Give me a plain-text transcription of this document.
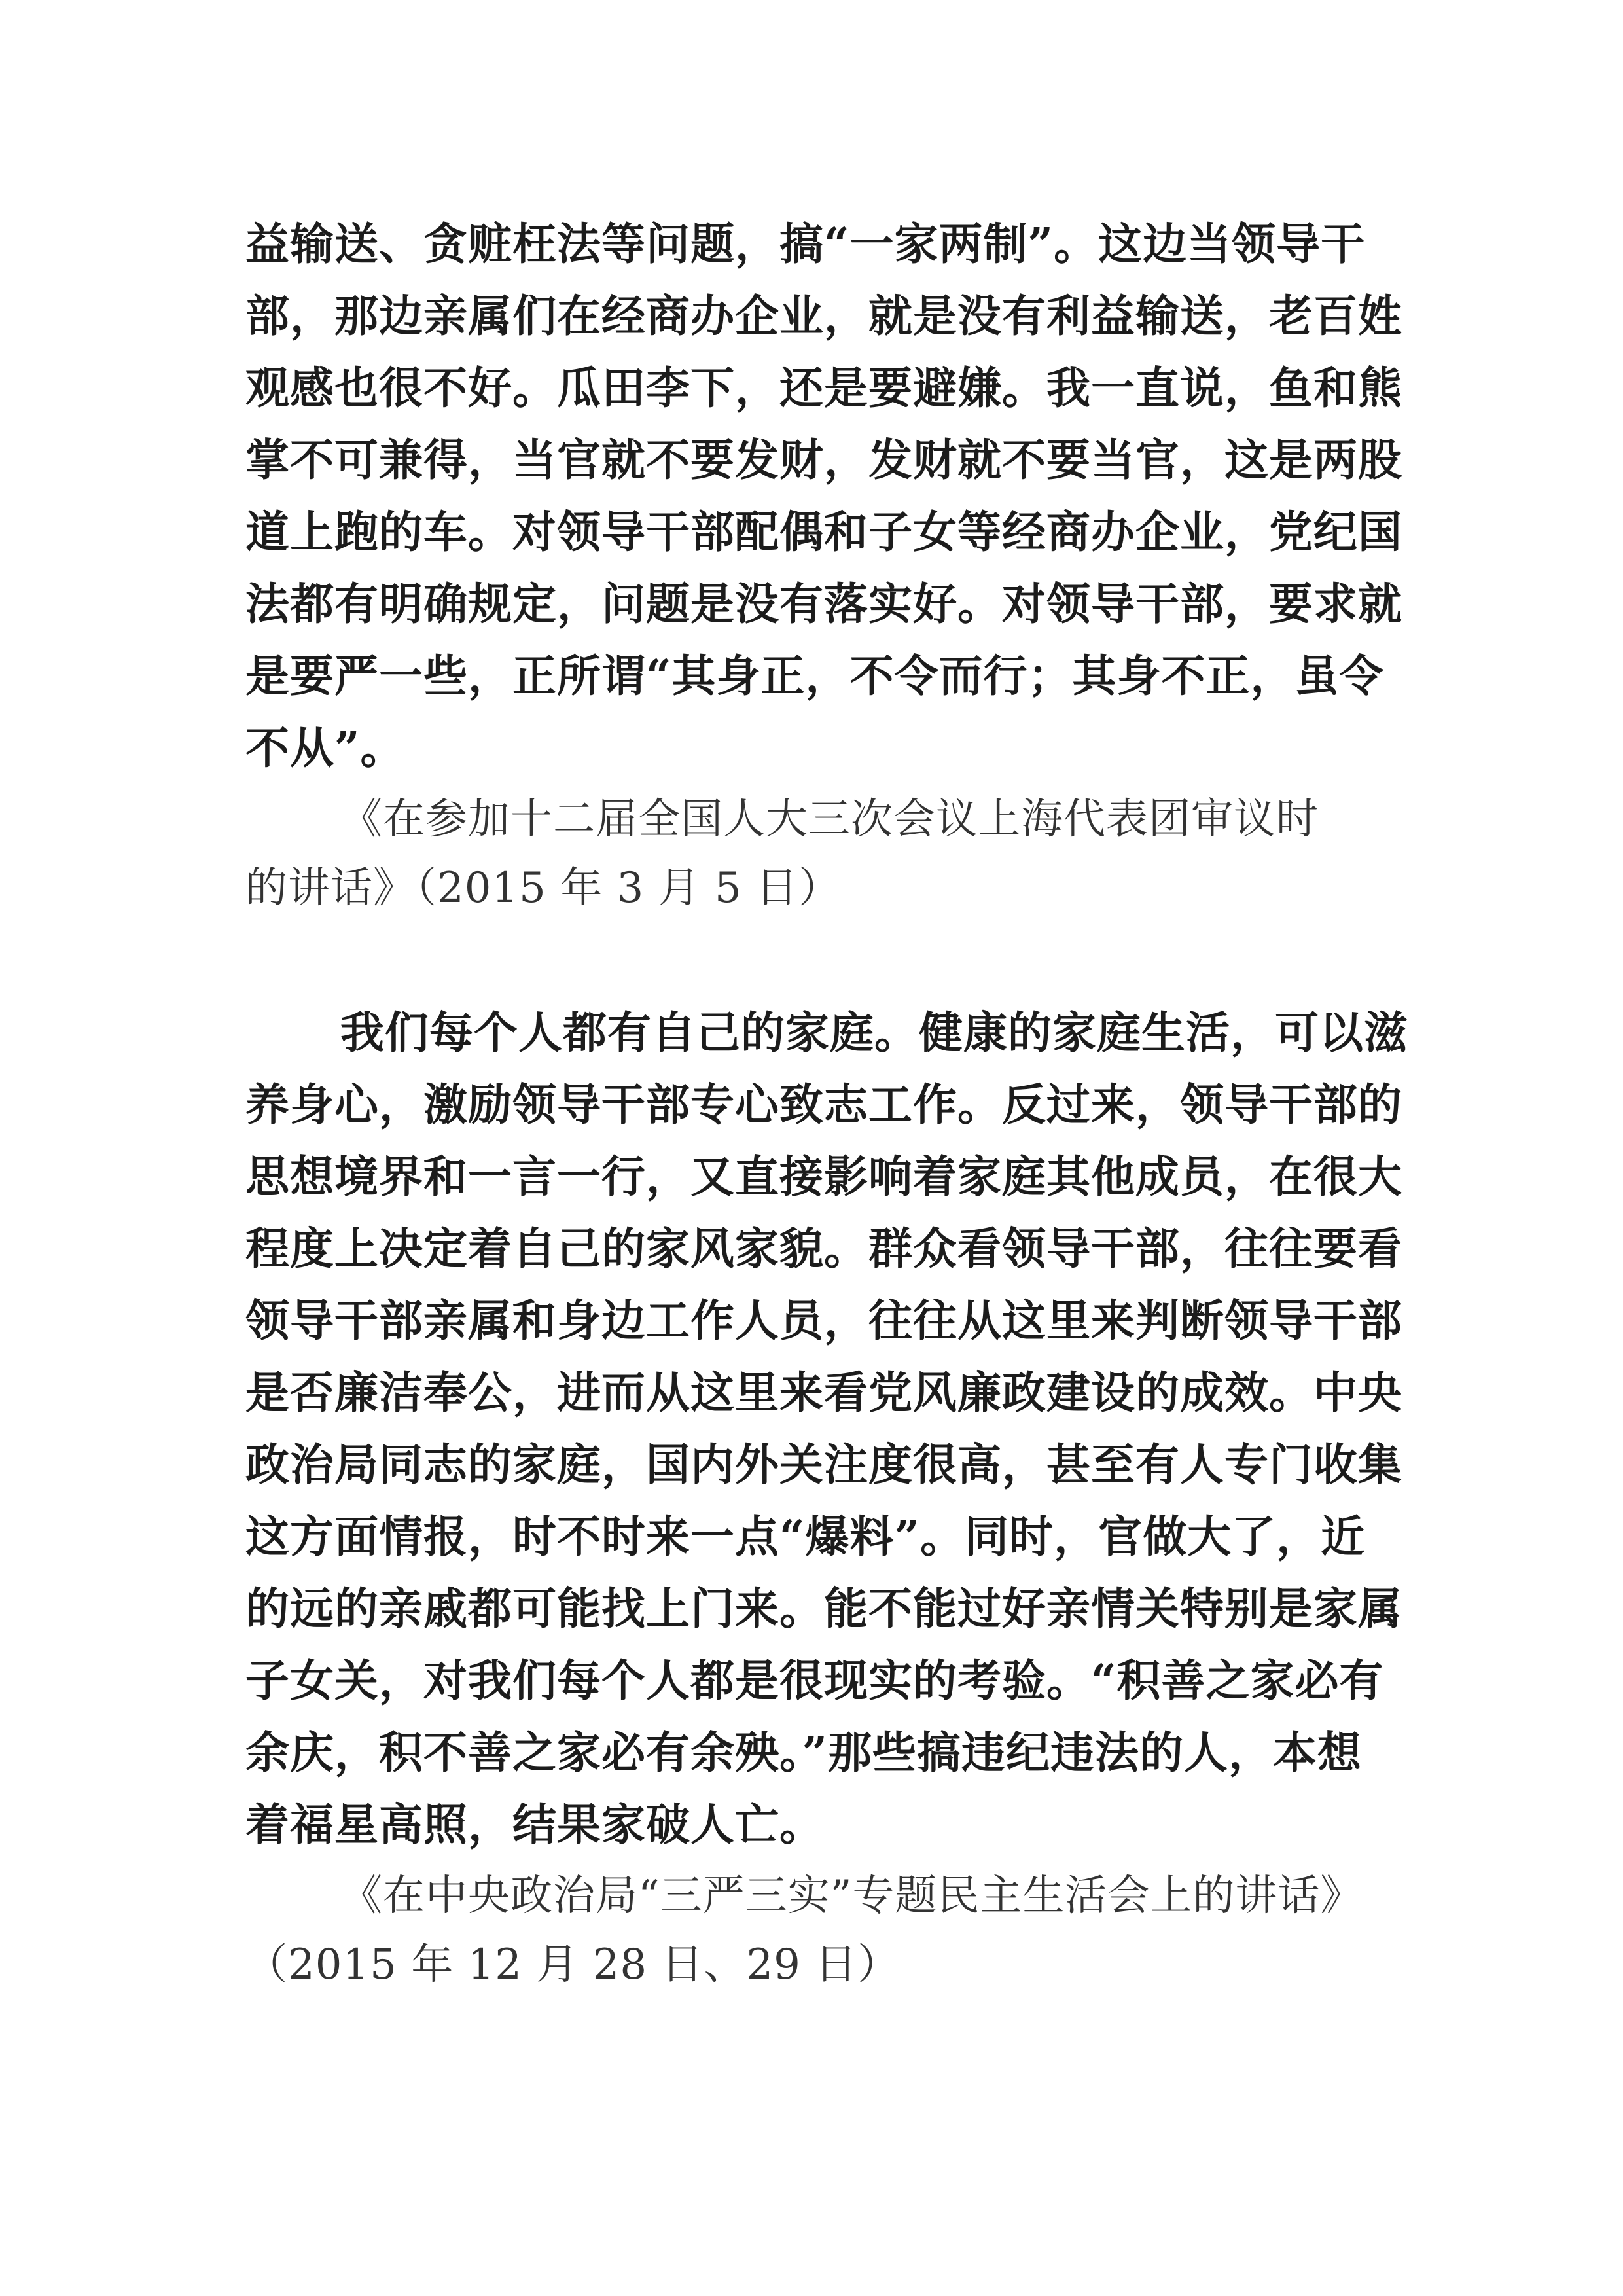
益输送、贪赃枉法等问题，搞“一家两制”。这边当领导干

部，那边亲属们在经商办企业，就是没有利益输送，老百姓

观感也很不好。瓜田李下，还是要避嫌。我一直说，鱼和熊

掌不可兼得，当官就不要发财，发财就不要当官，这是两股

道上跑的车。对领导干部配偶和子女等经商办企业，党纪国

法都有明确规定，问题是没有落实好。对领导干部，要求就

是要严一些，正所谓“其身正，不令而行；其身不正，虽令

不从”。

《在参加十二届全国人大三次会议上海代表团审议时

的讲话》（2015 年 3 月 5 日）

我们每个人都有自己的家庭。健康的家庭生活，可以滋

养身心，激励领导干部专心致志工作。反过来，领导干部的

思想境界和一言一行，又直接影响着家庭其他成员，在很大

程度上决定着自己的家风家貌。群众看领导干部，往往要看

领导干部亲属和身边工作人员，往往从这里来判断领导干部

是否廉洁奉公，进而从这里来看党风廉政建设的成效。中央

政治局同志的家庭，国内外关注度很高，甚至有人专门收集

这方面情报，时不时来一点“爆料”。同时，官做大了，近

的远的亲戚都可能找上门来。能不能过好亲情关特别是家属

子女关，对我们每个人都是很现实的考验。“积善之家必有

余庆，积不善之家必有余殃。”那些搞违纪违法的人，本想

着福星高照，结果家破人亡。

《在中央政治局“三严三实”专题民主生活会上的讲话》

（2015 年 12 月 28 日、29 日）
